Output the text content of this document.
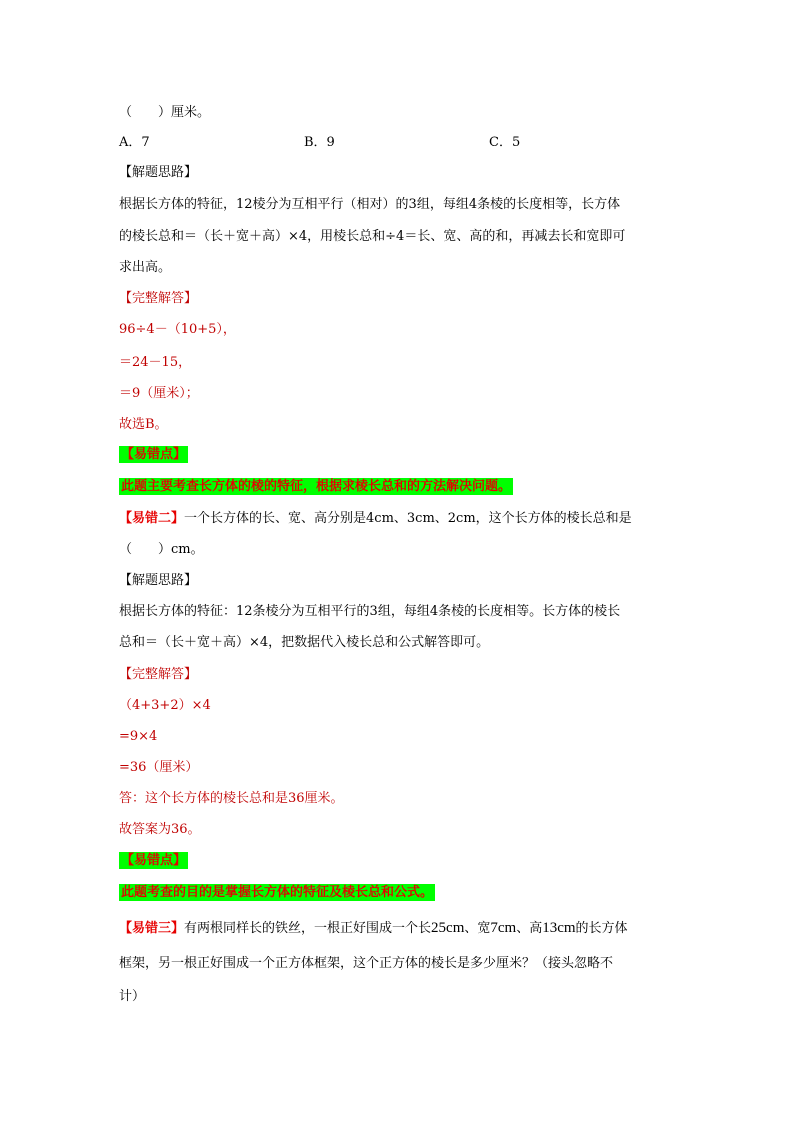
（　　）厘米。
A．7	B．9	C．5
【解题思路】
根据长方体的特征，12棱分为互相平行（相对）的3组，每组4条棱的长度相等，长方体
的棱长总和＝（长＋宽＋高）×4，用棱长总和÷4＝长、宽、高的和，再减去长和宽即可
求出高。
【完整解答】
96÷4－（10+5），
＝24－15，
＝9（厘米）；
故选B。
【易错点】
此题主要考查长方体的棱的特征，根据求棱长总和的方法解决问题。
【易错二】一个长方体的长、宽、高分别是4cm、3cm、2cm，这个长方体的棱长总和是
（　　）cm。
【解题思路】
根据长方体的特征：12条棱分为互相平行的3组，每组4条棱的长度相等。长方体的棱长
总和＝（长＋宽＋高）×4，把数据代入棱长总和公式解答即可。
【完整解答】
（4+3+2）×4
=9×4
=36（厘米）
答：这个长方体的棱长总和是36厘米。
故答案为36。
【易错点】
此题考查的目的是掌握长方体的特征及棱长总和公式。
【易错三】有两根同样长的铁丝，一根正好围成一个长25cm、宽7cm、高13cm的长方体
框架，另一根正好围成一个正方体框架，这个正方体的棱长是多少厘米？（接头忽略不
计）
